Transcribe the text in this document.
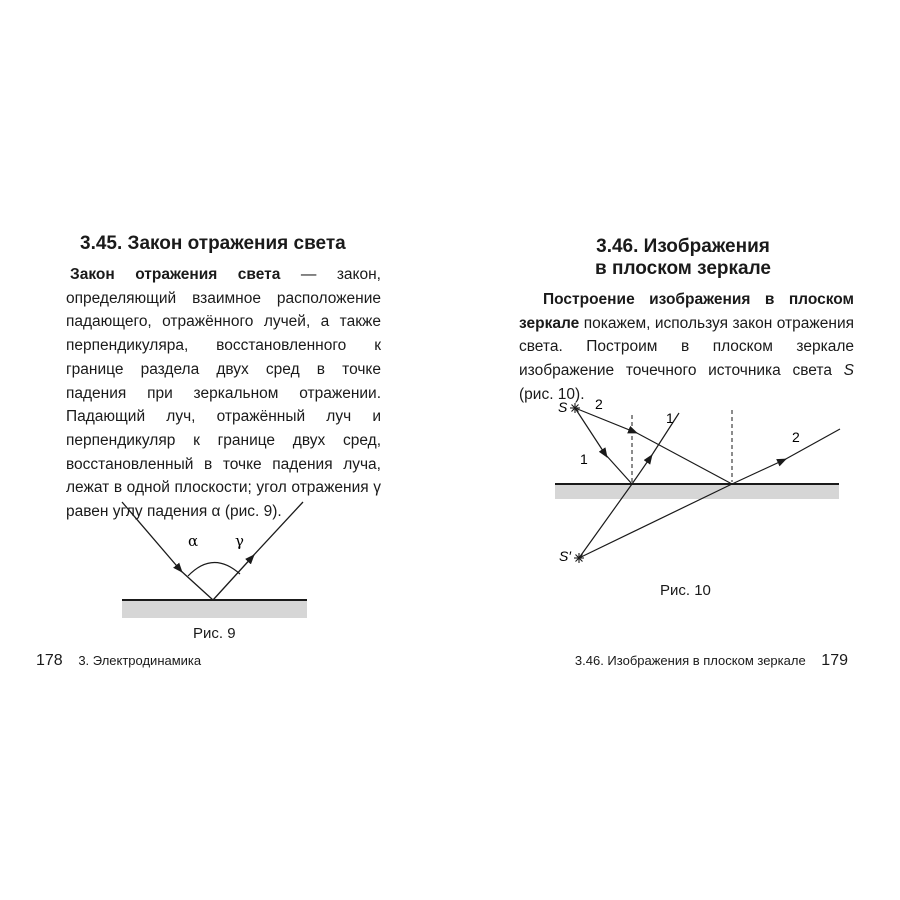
3.45. Закон отражения света

Закон отражения света — закон, определяющий взаимное расположение падающего, отражённого лучей, а также перпендикуляра, восстановленного к границе раздела двух сред в точке падения при зеркальном отражении. Падающий луч, отражённый луч и перпендикуляр к границе двух сред, восстановленный в точке падения луча, лежат в одной плоскости; угол отражения γ равен углу падения α (рис. 9).

α γ
Рис. 9
178 3. Электродинамика
3.46. Изображения
в плоском зеркале

Построение изображения в плоском зеркале покажем, используя закон отражения света. Построим в плоском зеркале изображение точечного источника света S (рис. 10).

S
S′
2
1
1
2
Рис. 10
3.46. Изображения в плоском зеркале 179
